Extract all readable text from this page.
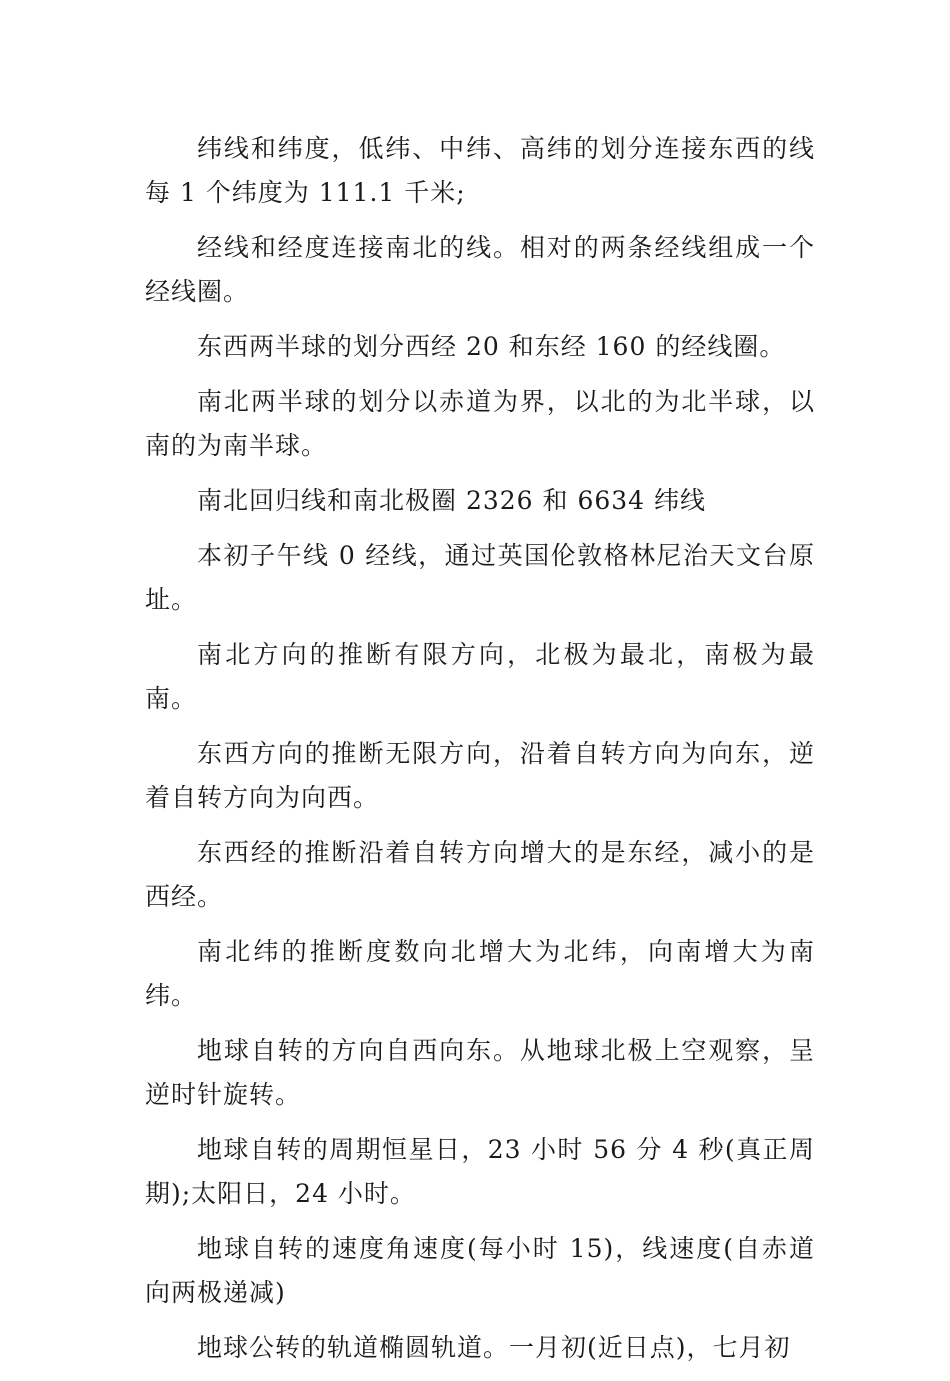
纬线和纬度，低纬、中纬、高纬的划分连接东西的线每 1 个纬度为 111.1 千米;

经线和经度连接南北的线。相对的两条经线组成一个经线圈。

东西两半球的划分西经 20 和东经 160 的经线圈。

南北两半球的划分以赤道为界，以北的为北半球，以南的为南半球。

南北回归线和南北极圈 2326 和 6634 纬线

本初子午线 0 经线，通过英国伦敦格林尼治天文台原址。

南北方向的推断有限方向，北极为最北，南极为最南。

东西方向的推断无限方向，沿着自转方向为向东，逆着自转方向为向西。

东西经的推断沿着自转方向增大的是东经，减小的是西经。

南北纬的推断度数向北增大为北纬，向南增大为南纬。

地球自转的方向自西向东。从地球北极上空观察，呈逆时针旋转。

地球自转的周期恒星日，23 小时 56 分 4 秒(真正周期);太阳日，24 小时。

地球自转的速度角速度(每小时 15)，线速度(自赤道向两极递减)

地球公转的轨道椭圆轨道。一月初(近日点)，七月初
